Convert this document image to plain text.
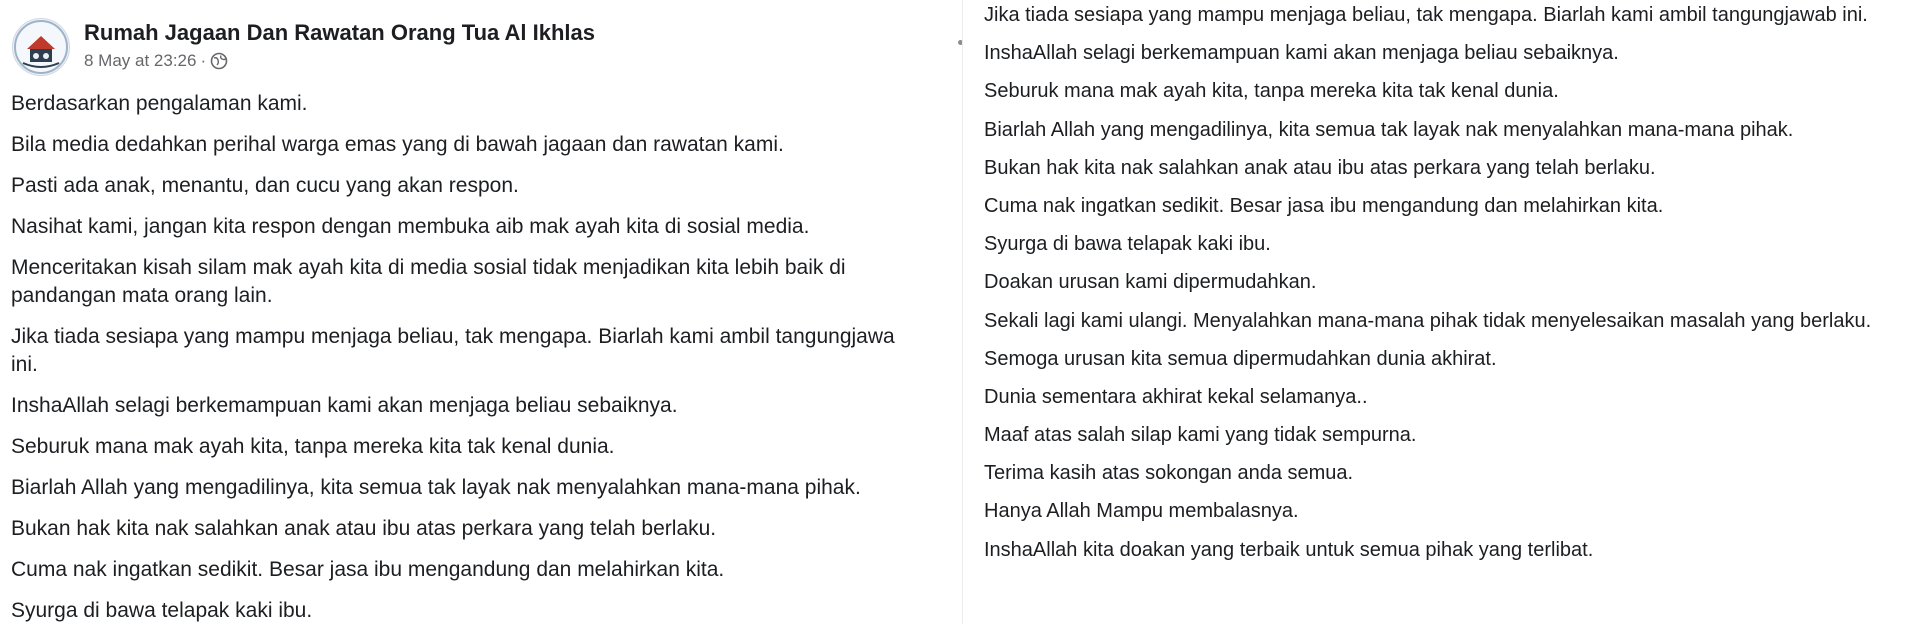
Rumah Jagaan Dan Rawatan Orang Tua Al Ikhlas
8 May at 23:26 ·
Berdasarkan pengalaman kami.
Bila media dedahkan perihal warga emas yang di bawah jagaan dan rawatan kami.
Pasti ada anak, menantu, dan cucu yang akan respon.
Nasihat kami, jangan kita respon dengan membuka aib mak ayah kita di sosial media.
Menceritakan kisah silam mak ayah kita di media sosial tidak menjadikan kita lebih baik di
pandangan mata orang lain.
Jika tiada sesiapa yang mampu menjaga beliau, tak mengapa. Biarlah kami ambil tangungjawa
ini.
InshaAllah selagi berkemampuan kami akan menjaga beliau sebaiknya.
Seburuk mana mak ayah kita, tanpa mereka kita tak kenal dunia.
Biarlah Allah yang mengadilinya, kita semua tak layak nak menyalahkan mana-mana pihak.
Bukan hak kita nak salahkan anak atau ibu atas perkara yang telah berlaku.
Cuma nak ingatkan sedikit. Besar jasa ibu mengandung dan melahirkan kita.
Syurga di bawa telapak kaki ibu.
Jika tiada sesiapa yang mampu menjaga beliau, tak mengapa. Biarlah kami ambil tangungjawab ini.
InshaAllah selagi berkemampuan kami akan menjaga beliau sebaiknya.
Seburuk mana mak ayah kita, tanpa mereka kita tak kenal dunia.
Biarlah Allah yang mengadilinya, kita semua tak layak nak menyalahkan mana-mana pihak.
Bukan hak kita nak salahkan anak atau ibu atas perkara yang telah berlaku.
Cuma nak ingatkan sedikit. Besar jasa ibu mengandung dan melahirkan kita.
Syurga di bawa telapak kaki ibu.
Doakan urusan kami dipermudahkan.
Sekali lagi kami ulangi. Menyalahkan mana-mana pihak tidak menyelesaikan masalah yang berlaku.
Semoga urusan kita semua dipermudahkan dunia akhirat.
Dunia sementara akhirat kekal selamanya..
Maaf atas salah silap kami yang tidak sempurna.
Terima kasih atas sokongan anda semua.
Hanya Allah Mampu membalasnya.
InshaAllah kita doakan yang terbaik untuk semua pihak yang terlibat.
